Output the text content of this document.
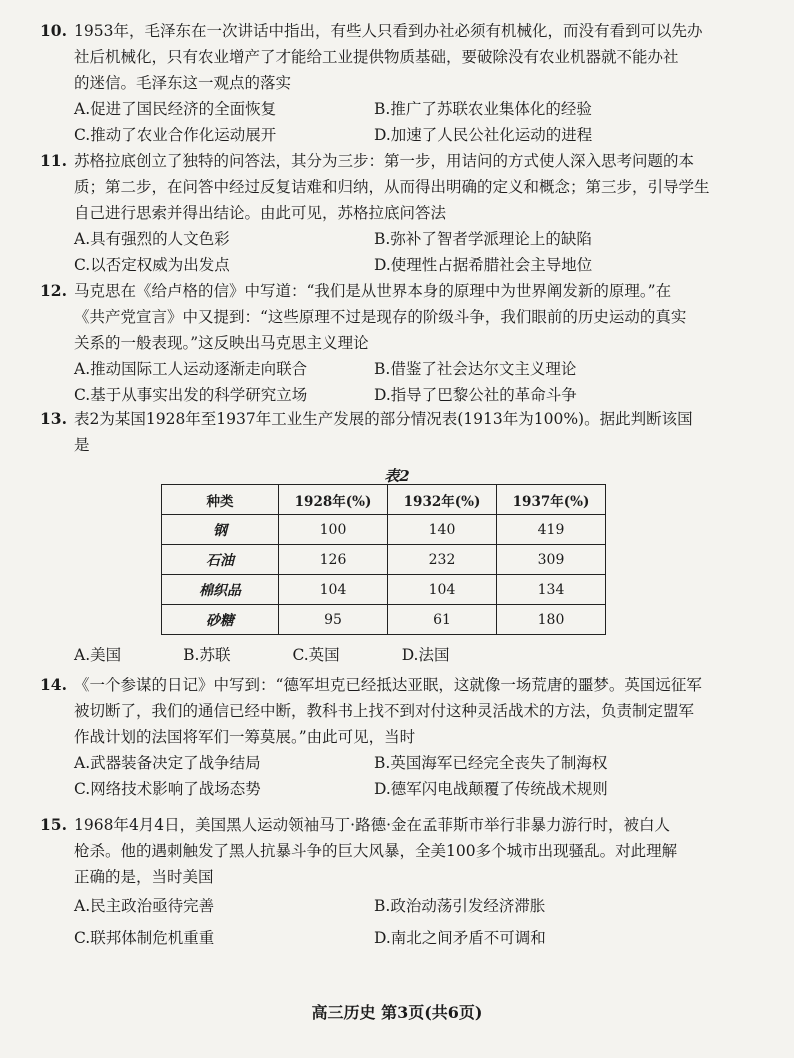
10. 1953年，毛泽东在一次讲话中指出，有些人只看到办社必须有机械化，而没有看到可以先办

社后机械化，只有农业增产了才能给工业提供物质基础，要破除没有农业机器就不能办社

的迷信。毛泽东这一观点的落实

A.促进了国民经济的全面恢复	B.推广了苏联农业集体化的经验
C.推动了农业合作化运动展开	D.加速了人民公社化运动的进程

11. 苏格拉底创立了独特的问答法，其分为三步：第一步，用诘问的方式使人深入思考问题的本

质；第二步，在问答中经过反复诘难和归纳，从而得出明确的定义和概念；第三步，引导学生

自己进行思索并得出结论。由此可见，苏格拉底问答法

A.具有强烈的人文色彩	B.弥补了智者学派理论上的缺陷
C.以否定权威为出发点	D.使理性占据希腊社会主导地位

12. 马克思在《给卢格的信》中写道：“我们是从世界本身的原理中为世界阐发新的原理。”在

《共产党宣言》中又提到：“这些原理不过是现存的阶级斗争，我们眼前的历史运动的真实

关系的一般表现。”这反映出马克思主义理论

A.推动国际工人运动逐渐走向联合	B.借鉴了社会达尔文主义理论
C.基于从事实出发的科学研究立场	D.指导了巴黎公社的革命斗争

13. 表2为某国1928年至1937年工业生产发展的部分情况表(1913年为100%)。据此判断该国

是

表2
种类	1928年(%)	1932年(%)	1937年(%)
钢	100	140	419
石油	126	232	309
棉织品	104	104	134
砂糖	95	61	180
A.美国	B.苏联	C.英国	D.法国

14. 《一个参谋的日记》中写到：“德军坦克已经抵达亚眠，这就像一场荒唐的噩梦。英国远征军

被切断了，我们的通信已经中断，教科书上找不到对付这种灵活战术的方法，负责制定盟军

作战计划的法国将军们一筹莫展。”由此可见，当时

A.武器装备决定了战争结局	B.英国海军已经完全丧失了制海权
C.网络技术影响了战场态势	D.德军闪电战颠覆了传统战术规则

15. 1968年4月4日，美国黑人运动领袖马丁·路德·金在孟菲斯市举行非暴力游行时，被白人

枪杀。他的遇刺触发了黑人抗暴斗争的巨大风暴，全美100多个城市出现骚乱。对此理解

正确的是，当时美国

A.民主政治亟待完善	B.政治动荡引发经济滞胀
C.联邦体制危机重重	D.南北之间矛盾不可调和
高三历史 第3页(共6页)
